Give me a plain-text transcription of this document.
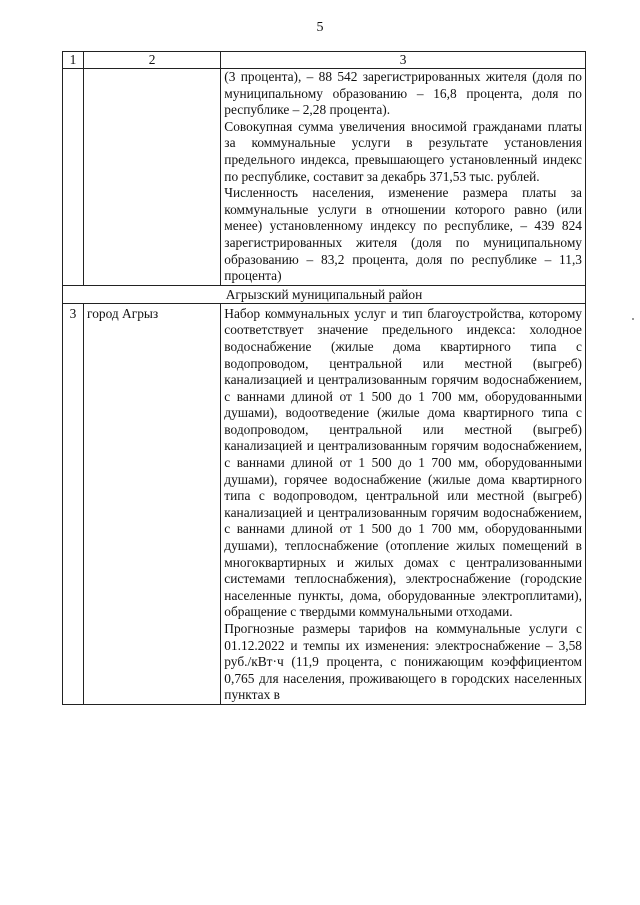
5
1	2	3

		(3 процента), – 88 542 зарегистрированных жителя (доля по муниципальному образованию – 16,8 процента, доля по республике – 2,28 процента).

Совокупная сумма увеличения вносимой гражданами платы за коммунальные услуги в результате установления предельного индекса, превышающего установленный индекс по республике, составит за декабрь 371,53 тыс. рублей.

Численность населения, изменение размера платы за коммунальные услуги в отношении которого равно (или менее) установленному индексу по республике, – 439 824 зарегистрированных жителя (доля по муниципальному образованию – 83,2 процента, доля по республике – 11,3 процента)

Агрызский муниципальный район		
3	город Агрыз	Набор коммунальных услуг и тип благоустройства, которому соответствует значение предельного индекса: холодное водоснабжение (жилые дома квартирного типа с водопроводом, центральной или местной (выгреб) канализацией и централизованным горячим водоснабжением, с ваннами длиной от 1 500 до 1 700 мм, оборудованными душами), водоотведение (жилые дома квартирного типа с водопроводом, центральной или местной (выгреб) канализацией и централизованным горячим водоснабжением, с ваннами длиной от 1 500 до 1 700 мм, оборудованными душами), горячее водоснабжение (жилые дома квартирного типа с водопроводом, центральной или местной (выгреб) канализацией и централизованным горячим водоснабжением, с ваннами длиной от 1 500 до 1 700 мм, оборудованными душами), теплоснабжение (отопление жилых помещений в многоквартирных и жилых домах с централизованными системами теплоснабжения), электроснабжение (городские населенные пункты, дома, оборудованные электроплитами), обращение с твердыми коммунальными отходами.

Прогнозные размеры тарифов на коммунальные услуги с 01.12.2022 и темпы их изменения: электроснабжение – 3,58 руб./кВт·ч (11,9 процента, с понижающим коэффициентом 0,765 для населения, проживающего в городских населенных пунктах в
